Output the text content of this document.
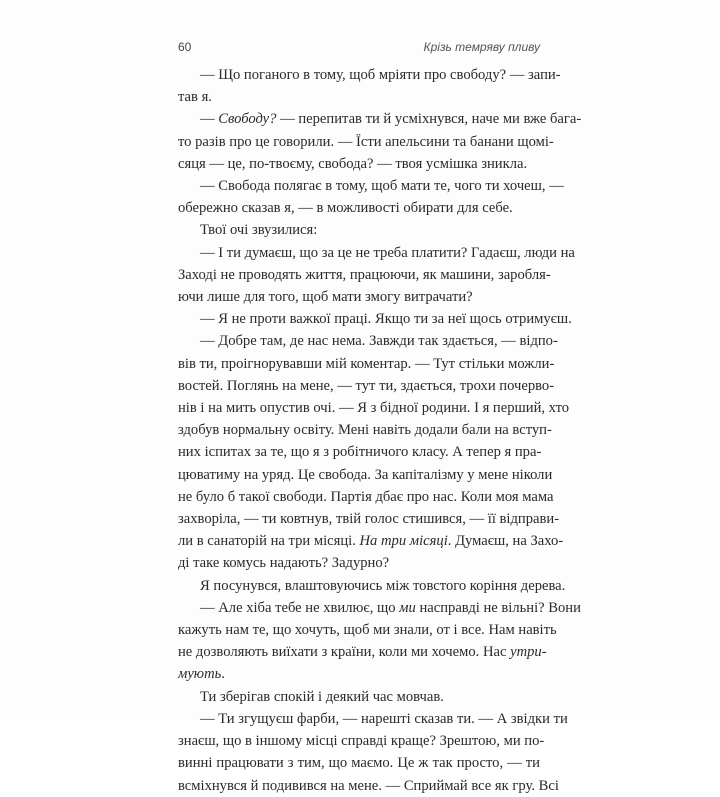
60	Крізь темряву пливу
— Що поганого в тому, щоб мріяти про свободу? — запи-
тав я.
— Свободу? — перепитав ти й усміхнувся, наче ми вже бага-
то разів про це говорили. — Їсти апельсини та банани щомі-
сяця — це, по-твоєму, свобода? — твоя усмішка зникла.
— Свобода полягає в тому, щоб мати те, чого ти хочеш, —
обережно сказав я, — в можливості обирати для себе.
Твої очі звузилися:
— І ти думаєш, що за це не треба платити? Гадаєш, люди на
Заході не проводять життя, працюючи, як машини, заробля-
ючи лише для того, щоб мати змогу витрачати?
— Я не проти важкої праці. Якщо ти за неї щось отримуєш.
— Добре там, де нас нема. Завжди так здається, — відпо-
вів ти, проігнорувавши мій коментар. — Тут стільки можли-
востей. Поглянь на мене, — тут ти, здається, трохи почерво-
нів і на мить опустив очі. — Я з бідної родини. І я перший, хто
здобув нормальну освіту. Мені навіть додали бали на вступ-
них іспитах за те, що я з робітничого класу. А тепер я пра-
цюватиму на уряд. Це свобода. За капіталізму у мене ніколи
не було б такої свободи. Партія дбає про нас. Коли моя мама
захворіла, — ти ковтнув, твій голос стишився, — її відправи-
ли в санаторій на три місяці. На три місяці. Думаєш, на Захо-
ді таке комусь надають? Задурно?
Я посунувся, влаштовуючись між товстого коріння дерева.
— Але хіба тебе не хвилює, що ми насправді не вільні? Вони
кажуть нам те, що хочуть, щоб ми знали, от і все. Нам навіть
не дозволяють виїхати з країни, коли ми хочемо. Нас утри-
мують.
Ти зберігав спокій і деякий час мовчав.
— Ти згущуєш фарби, — нарешті сказав ти. — А звідки ти
знаєш, що в іншому місці справді краще? Зрештою, ми по-
винні працювати з тим, що маємо. Це ж так просто, — ти
всміхнувся й подивився на мене. — Сприймай все як гру. Всі
